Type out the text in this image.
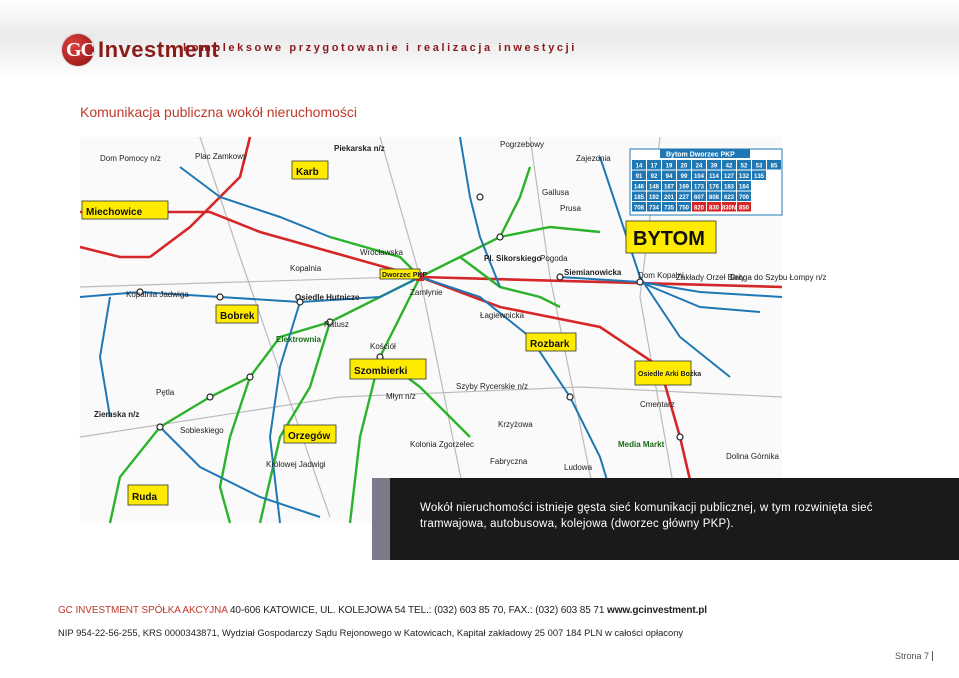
GC Investment
kompleksowe przygotowanie i realizacja inwestycji
Komunikacja publiczna wokół nieruchomości
Miechowice
Karb
Bobrek
Szombierki
Rozbark
Orzegów
Ruda
BYTOM
Osiedle Arki Bożka
Dworzec PKP
Osiedle Hutnicze
Wrocławska
Kopalnia
Zamłynie
Łagiewnicka
Sobieskiego
Fabryczna
Dom Pomocy n/z	Plac Zamkowy
Pogrzebowy
Zajezdnia
Cmentarz
Piekarska n/z
Kolonia Zgorzelec
Krzyżowa
Ludowa
Dolina Górnika
Młyn n/z
Szyby Rycerskie n/z
Media Markt
Ziemska n/z
Pętla
Królowej Jadwigi
Kościół
Dom Kopalni
Zakłady Orzeł Biały
Droga do Szybu Łompy n/z
Gallusa
Prusa
Siemianowicka
Pogoda
Kopalnia Jadwiga
Elektrownia
Ratusz
Pl. Sikorskiego
Bytom Dworzec PKP
14 17 19 20 24 39 42 52 53 85
91 92 94 99 104 114 127 132 135
146 148 167 169 173 176 183 184
185 192 201 227 607 808 623 700
708 734 735 750 820 830 830N 850
Wokół nieruchomości istnieje gęsta sieć komunikacji publicznej, w tym rozwinięta sieć tramwajowa, autobusowa, kolejowa (dworzec główny PKP).
GC INVESTMENT SPÓŁKA AKCYJNA 40-606 KATOWICE, UL. KOLEJOWA 54 TEL.: (032) 603 85 70, FAX.: (032) 603 85 71 www.gcinvestment.pl
NIP 954-22-56-255, KRS 0000343871, Wydział Gospodarczy Sądu Rejonowego w Katowicach, Kapitał zakładowy 25 007 184 PLN w całości opłacony
Strona 7
